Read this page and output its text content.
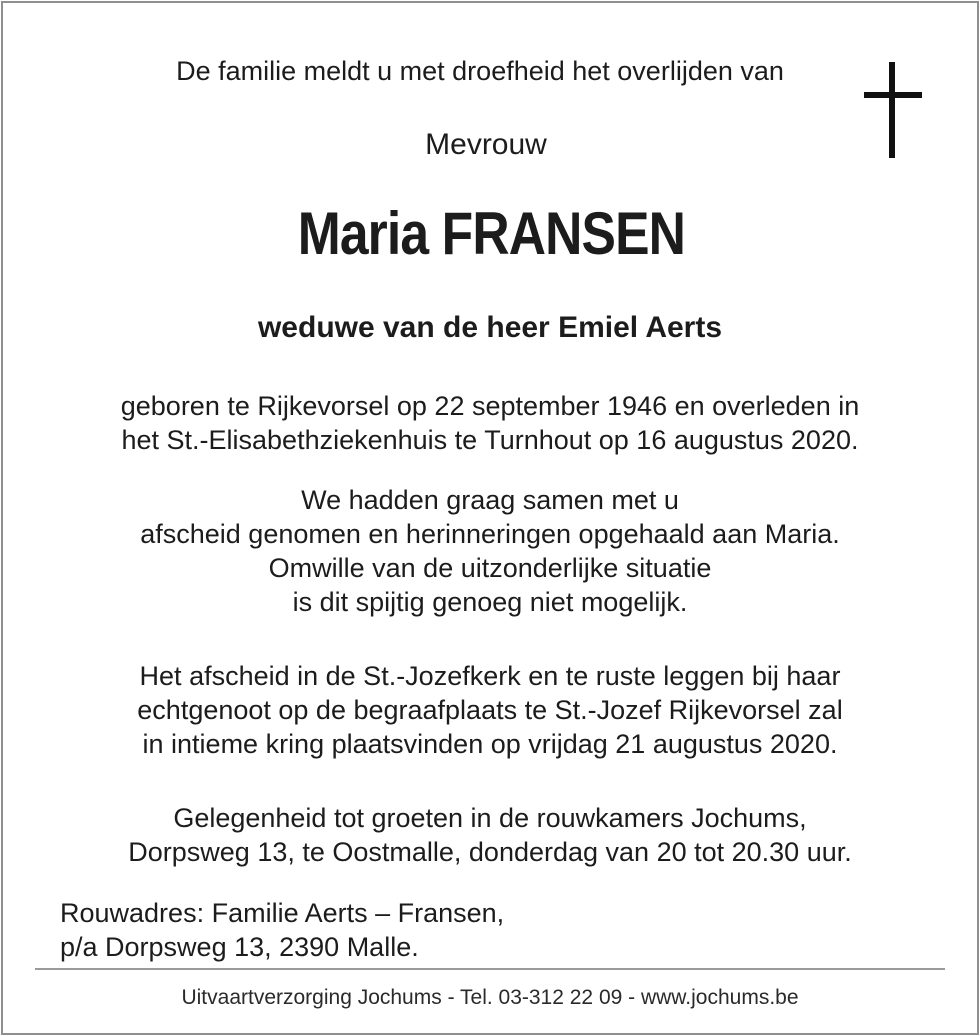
De familie meldt u met droefheid het overlijden van
Mevrouw
Maria FRANSEN
weduwe van de heer Emiel Aerts
geboren te Rijkevorsel op 22 september 1946 en overleden in
het St.-Elisabethziekenhuis te Turnhout op 16 augustus 2020.
We hadden graag samen met u
afscheid genomen en herinneringen opgehaald aan Maria.
Omwille van de uitzonderlijke situatie
is dit spijtig genoeg niet mogelijk.
Het afscheid in de St.-Jozefkerk en te ruste leggen bij haar
echtgenoot op de begraafplaats te St.-Jozef Rijkevorsel zal
in intieme kring plaatsvinden op vrijdag 21 augustus 2020.
Gelegenheid tot groeten in de rouwkamers Jochums,
Dorpsweg 13, te Oostmalle, donderdag van 20 tot 20.30 uur.
Rouwadres: Familie Aerts – Fransen,
p/a Dorpsweg 13, 2390 Malle.
Uitvaartverzorging Jochums - Tel. 03-312 22 09 - www.jochums.be
